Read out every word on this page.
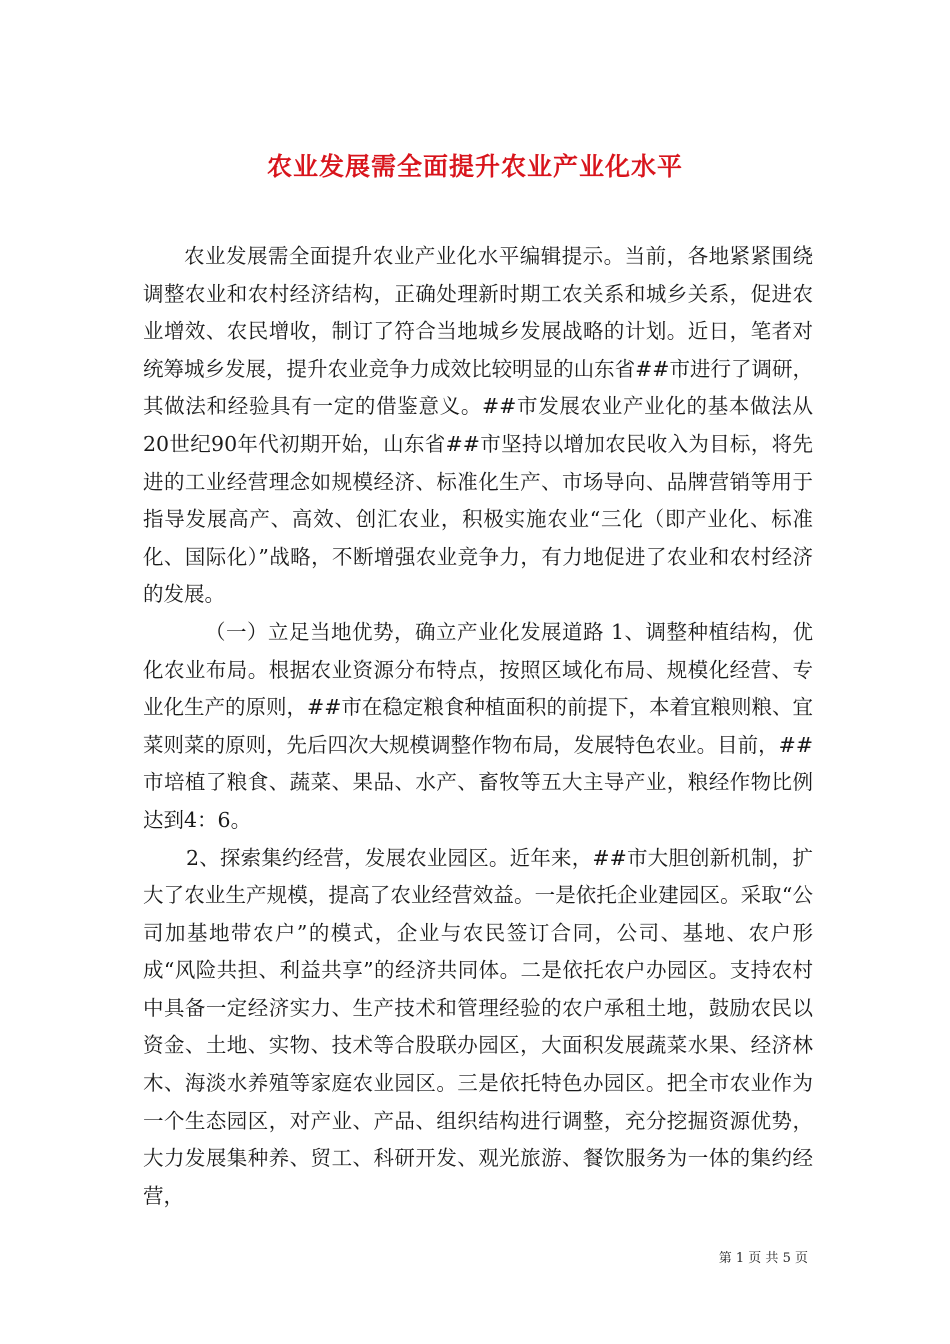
农业发展需全面提升农业产业化水平

农业发展需全面提升农业产业化水平编辑提示。当前，各地紧紧围绕调整农业和农村经济结构，正确处理新时期工农关系和城乡关系，促进农业增效、农民增收，制订了符合当地城乡发展战略的计划。近日，笔者对统筹城乡发展，提升农业竞争力成效比较明显的山东省##市进行了调研，其做法和经验具有一定的借鉴意义。##市发展农业产业化的基本做法从20世纪90年代初期开始，山东省##市坚持以增加农民收入为目标，将先进的工业经营理念如规模经济、标准化生产、市场导向、品牌营销等用于指导发展高产、高效、创汇农业，积极实施农业“三化（即产业化、标准化、国际化）”战略，不断增强农业竞争力，有力地促进了农业和农村经济的发展。

（一）立足当地优势，确立产业化发展道路 1、调整种植结构，优化农业布局。根据农业资源分布特点，按照区域化布局、规模化经营、专业化生产的原则，##市在稳定粮食种植面积的前提下，本着宜粮则粮、宜菜则菜的原则，先后四次大规模调整作物布局，发展特色农业。目前，##市培植了粮食、蔬菜、果品、水产、畜牧等五大主导产业，粮经作物比例达到4：6。

2、探索集约经营，发展农业园区。近年来，##市大胆创新机制，扩大了农业生产规模，提高了农业经营效益。一是依托企业建园区。采取“公司加基地带农户”的模式，企业与农民签订合同，公司、基地、农户形成“风险共担、利益共享”的经济共同体。二是依托农户办园区。支持农村中具备一定经济实力、生产技术和管理经验的农户承租土地，鼓励农民以资金、土地、实物、技术等合股联办园区，大面积发展蔬菜水果、经济林木、海淡水养殖等家庭农业园区。三是依托特色办园区。把全市农业作为一个生态园区，对产业、产品、组织结构进行调整，充分挖掘资源优势，大力发展集种养、贸工、科研开发、观光旅游、餐饮服务为一体的集约经营，

第 1 页 共 5 页
